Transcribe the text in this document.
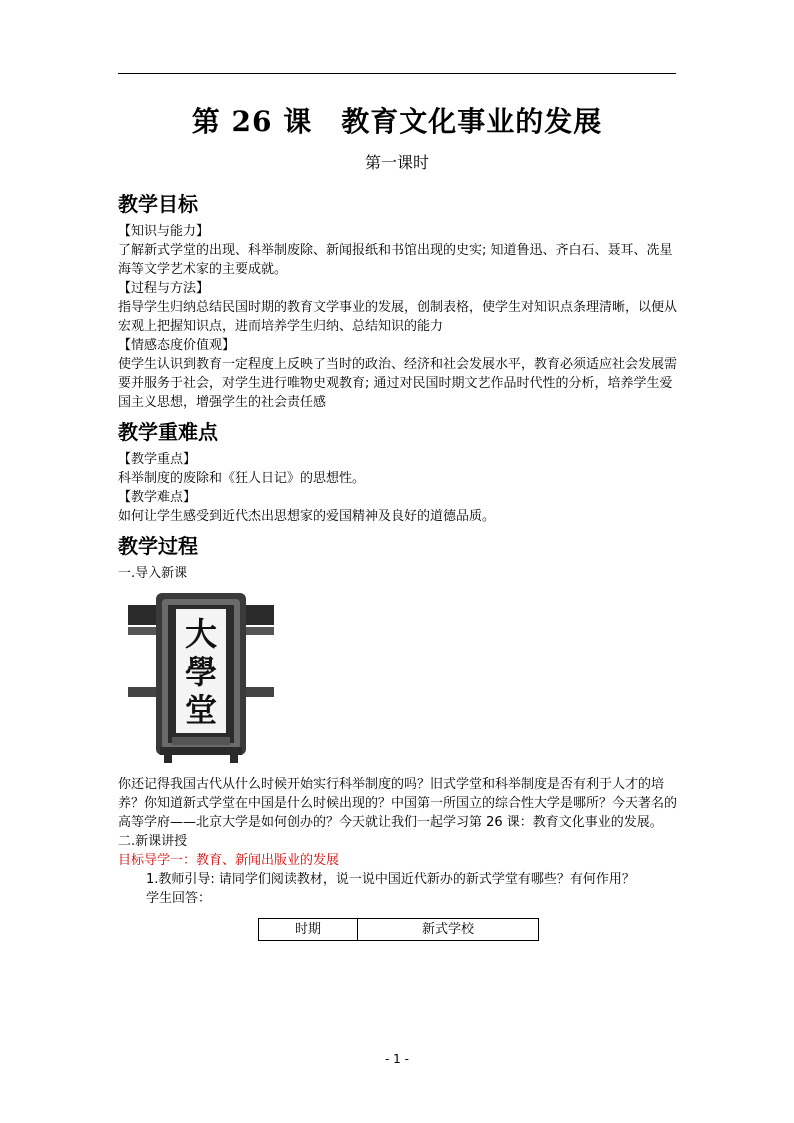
第 26 课　教育文化事业的发展
第一课时
教学目标

【知识与能力】

了解新式学堂的出现、科举制废除、新闻报纸和书馆出现的史实; 知道鲁迅、齐白石、聂耳、冼星海等文学艺术家的主要成就。

【过程与方法】

指导学生归纳总结民国时期的教育文学事业的发展，创制表格，使学生对知识点条理清晰，以便从宏观上把握知识点，进而培养学生归纳、总结知识的能力

【情感态度价值观】

使学生认识到教育一定程度上反映了当时的政治、经济和社会发展水平，教育必须适应社会发展需要并服务于社会，对学生进行唯物史观教育; 通过对民国时期文艺作品时代性的分析，培养学生爱国主义思想，增强学生的社会责任感

教学重难点

【教学重点】

科举制度的废除和《狂人日记》的思想性。

【教学难点】

如何让学生感受到近代杰出思想家的爱国精神及良好的道德品质。

教学过程

一.导入新课

大
學
堂

你还记得我国古代从什么时候开始实行科举制度的吗？旧式学堂和科举制度是否有利于人才的培养？你知道新式学堂在中国是什么时候出现的？中国第一所国立的综合性大学是哪所？今天著名的高等学府——北京大学是如何创办的？今天就让我们一起学习第 26 课：教育文化事业的发展。

二.新课讲授

目标导学一：教育、新闻出版业的发展

1.教师引导: 请同学们阅读教材，说一说中国近代新办的新式学堂有哪些？有何作用？

学生回答：

时期	新式学校
- 1 -
